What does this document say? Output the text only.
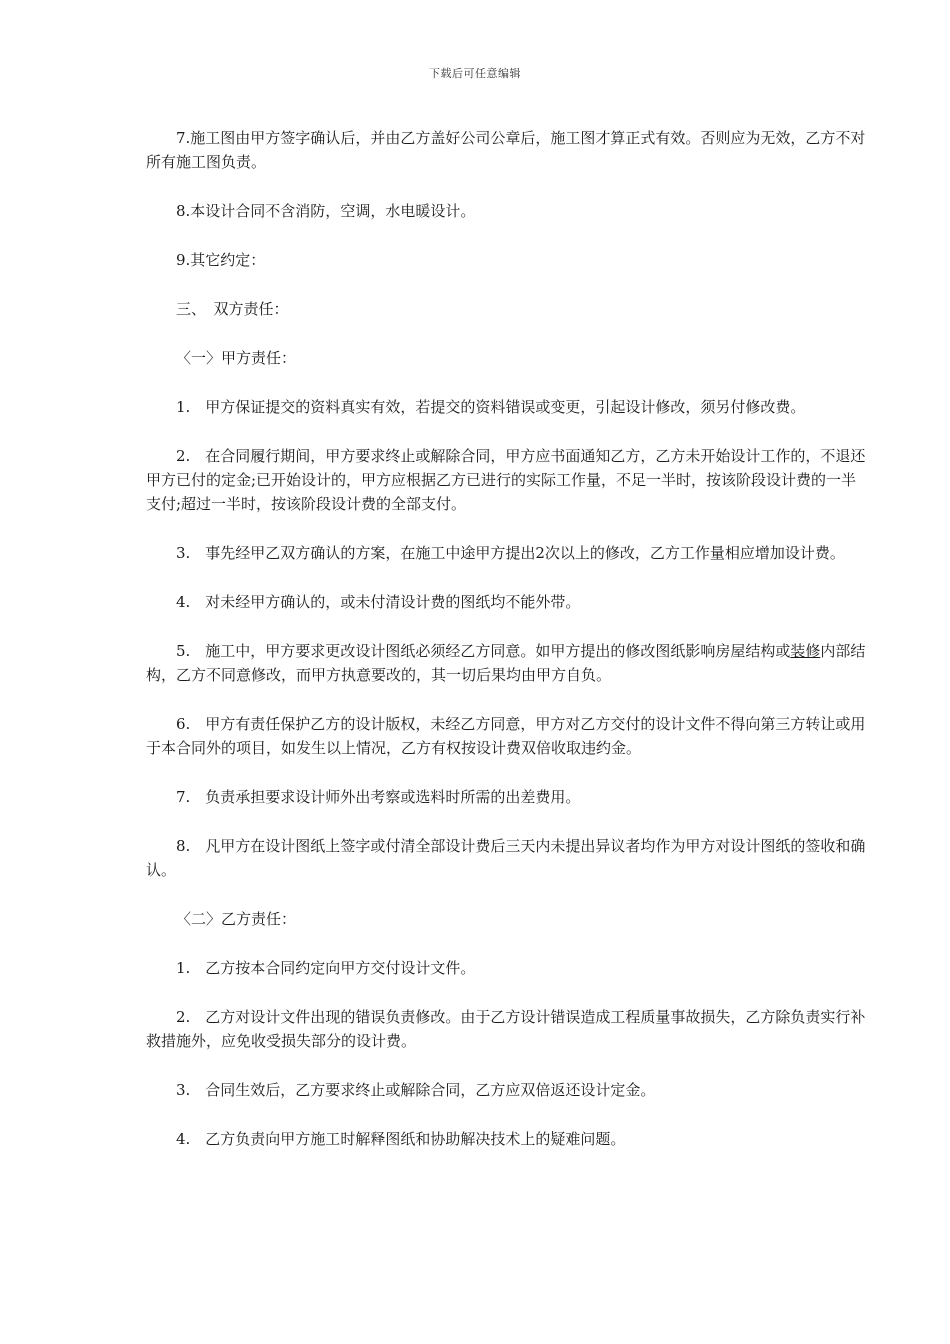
下载后可任意编辑

7.施工图由甲方签字确认后，并由乙方盖好公司公章后，施工图才算正式有效。否则应为无效，乙方不对所有施工图负责。

8.本设计合同不含消防，空调，水电暖设计。

9.其它约定：

三、　双方责任：

〈一〉甲方责任：

1.　甲方保证提交的资料真实有效，若提交的资料错误或变更，引起设计修改，须另付修改费。

2.　在合同履行期间，甲方要求终止或解除合同，甲方应书面通知乙方，乙方未开始设计工作的，不退还甲方已付的定金;已开始设计的，甲方应根据乙方已进行的实际工作量，不足一半时，按该阶段设计费的一半支付;超过一半时，按该阶段设计费的全部支付。

3.　事先经甲乙双方确认的方案，在施工中途甲方提出2次以上的修改，乙方工作量相应增加设计费。

4.　对未经甲方确认的，或未付清设计费的图纸均不能外带。

5.　施工中，甲方要求更改设计图纸必须经乙方同意。如甲方提出的修改图纸影响房屋结构或装修内部结构，乙方不同意修改，而甲方执意要改的，其一切后果均由甲方自负。

6.　甲方有责任保护乙方的设计版权，未经乙方同意，甲方对乙方交付的设计文件不得向第三方转让或用于本合同外的项目，如发生以上情况，乙方有权按设计费双倍收取违约金。

7.　负责承担要求设计师外出考察或选料时所需的出差费用。

8.　凡甲方在设计图纸上签字或付清全部设计费后三天内未提出异议者均作为甲方对设计图纸的签收和确认。

〈二〉乙方责任：

1.　乙方按本合同约定向甲方交付设计文件。

2.　乙方对设计文件出现的错误负责修改。由于乙方设计错误造成工程质量事故损失，乙方除负责实行补救措施外，应免收受损失部分的设计费。

3.　合同生效后，乙方要求终止或解除合同，乙方应双倍返还设计定金。

4.　乙方负责向甲方施工时解释图纸和协助解决技术上的疑难问题。
